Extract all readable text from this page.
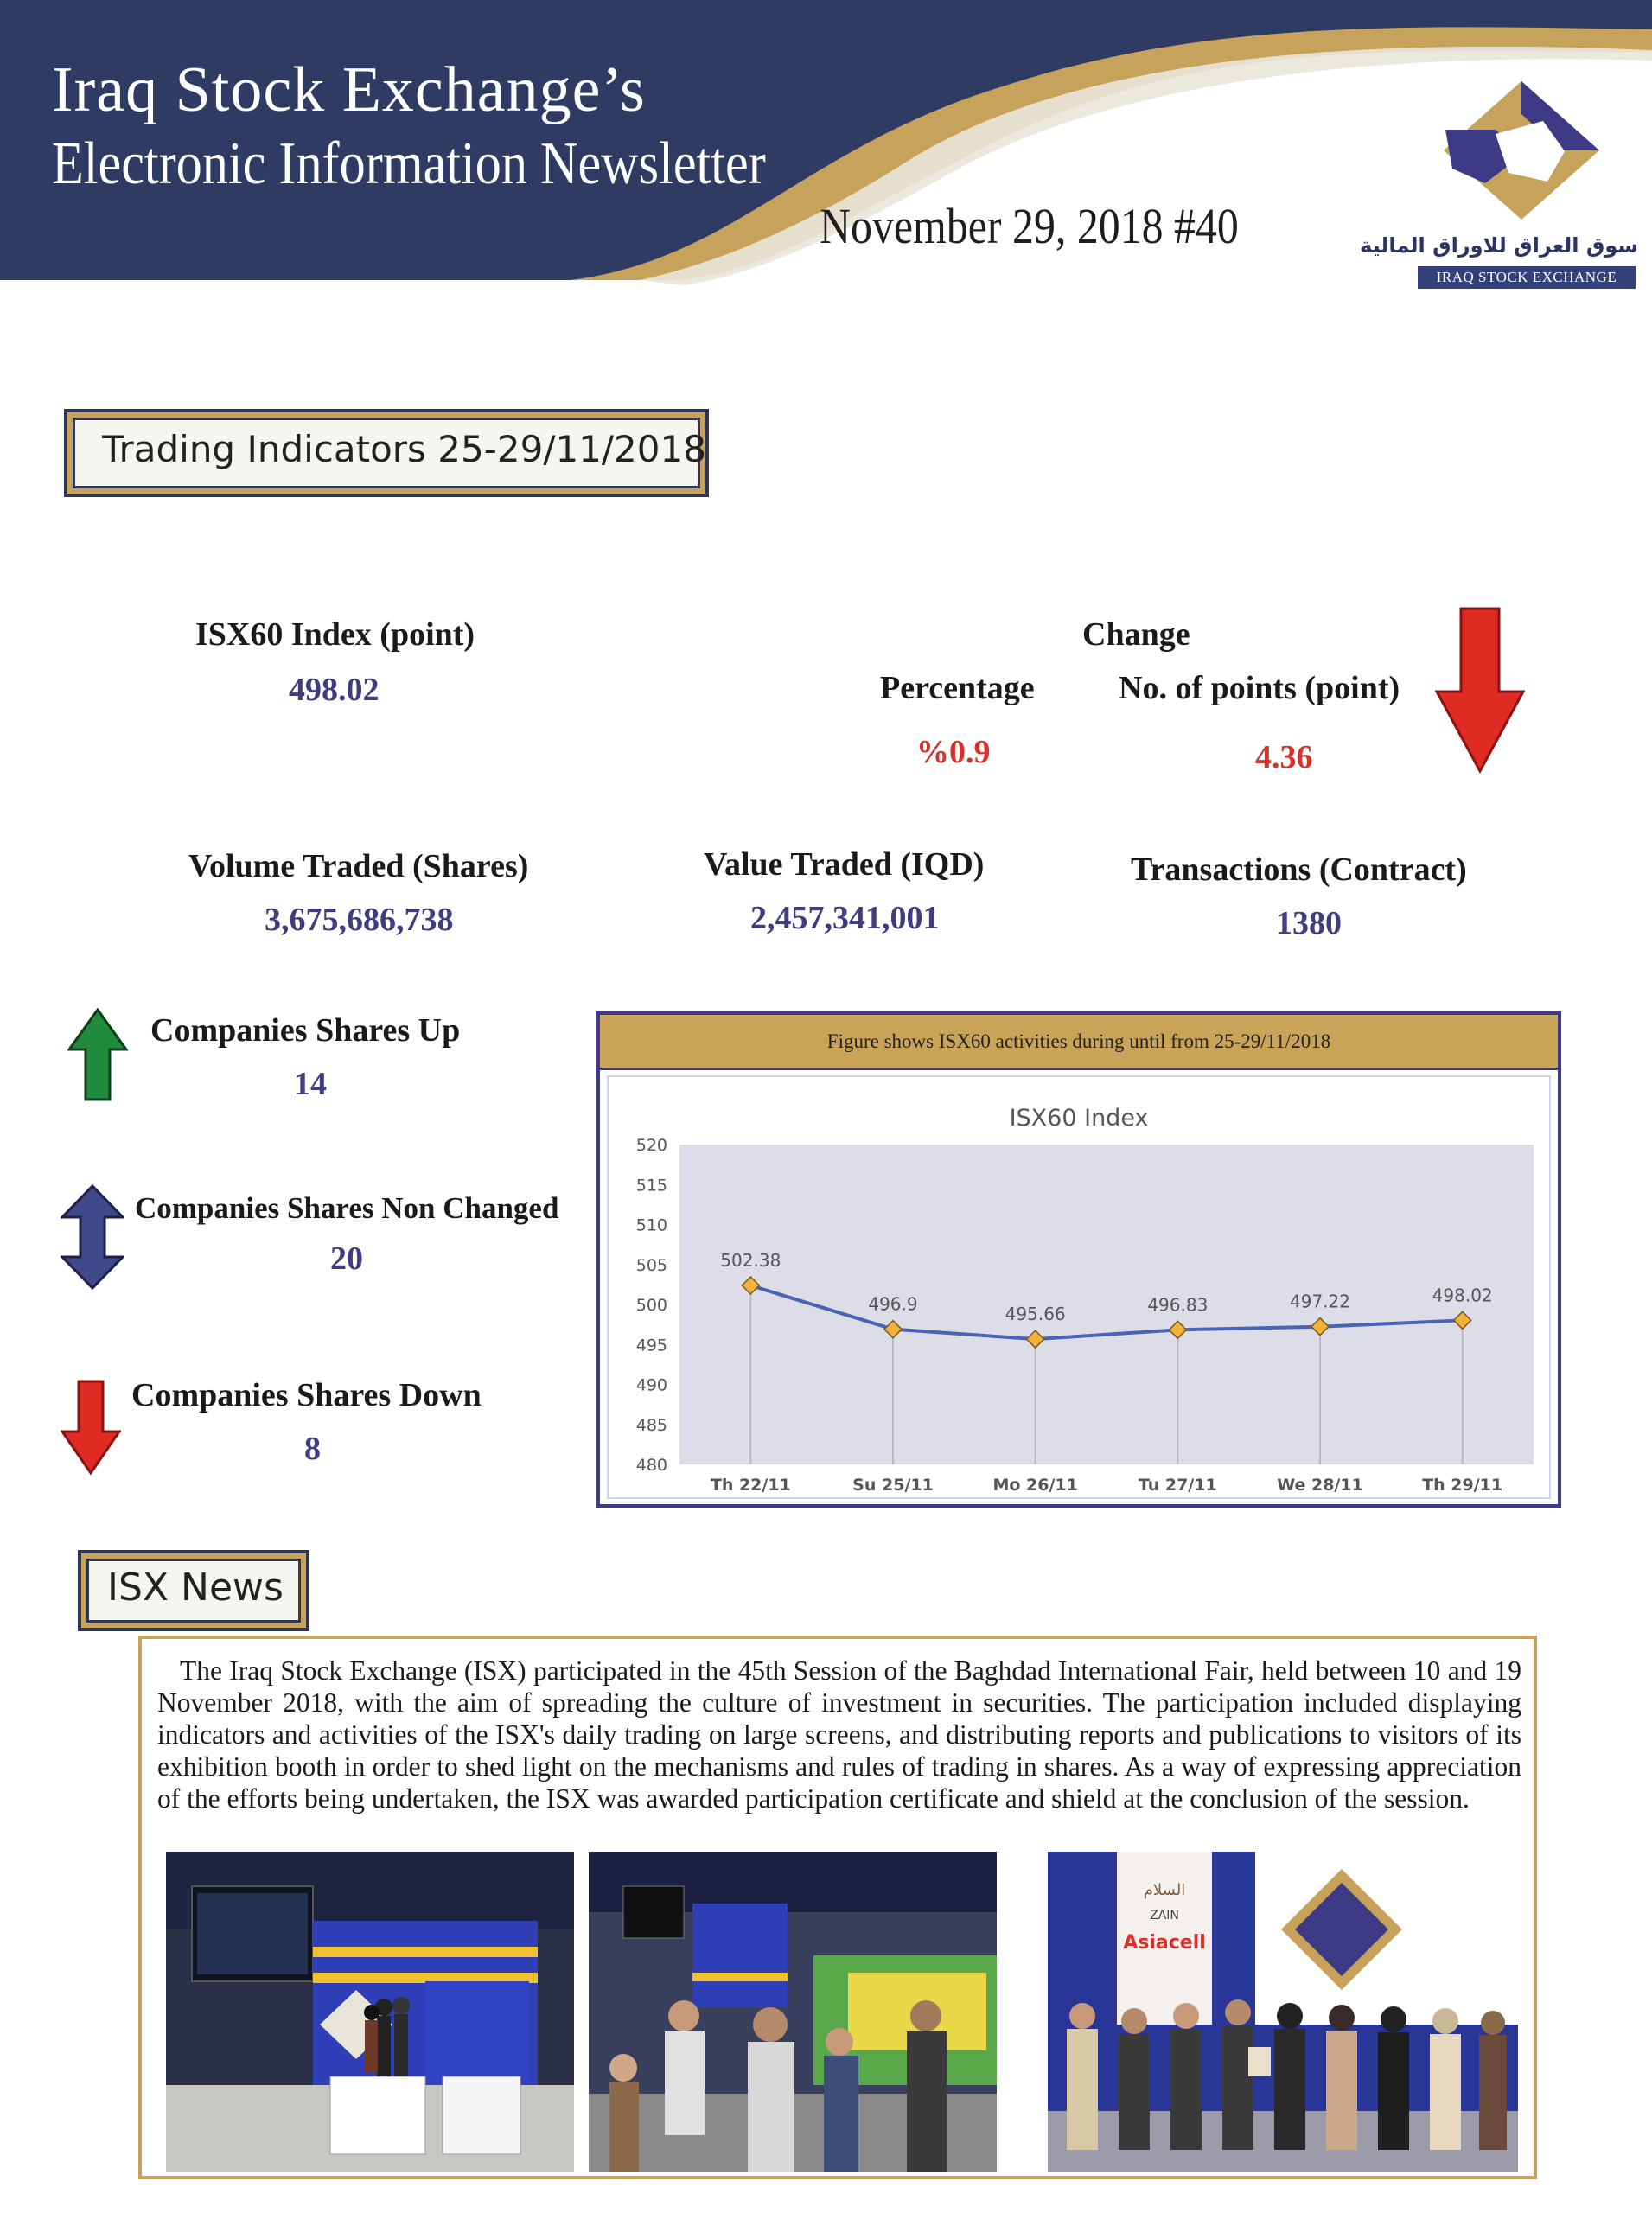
Iraq Stock Exchange’s
Electronic Information Newsletter
November 29, 2018 #40	سوق العراق للاوراق المالية
IRAQ STOCK EXCHANGE
Trading Indicators 25-29/11/2018
ISX60 Index (point)
498.02
Change
Percentage
%0.9
No. of points (point)
4.36
Volume Traded (Shares)
3,675,686,738
Value Traded (IQD)
2,457,341,001
Transactions (Contract)
1380
Companies Shares Up
14
Companies Shares Non Changed
20
Companies Shares Down
8
Figure shows ISX60 activities during until from 25-29/11/2018
ISX60 Index
480
485
490
495
500
505
510
515
520
Th 22/11	Su 25/11	Mo 26/11	Tu 27/11	We 28/11	Th 29/11
502.38
496.9	495.66	496.83	497.22	498.02
ISX News
The Iraq Stock Exchange (ISX) participated in the 45th Session of the Baghdad International Fair, held between 10 and 19 November 2018, with the aim of spreading the culture of investment in securities. The participation included displaying indicators and activities of the ISX's daily trading on large screens, and distributing reports and publications to visitors of its exhibition booth in order to shed light on the mechanisms and rules of trading in shares. As a way of expressing appreciation of the efforts being undertaken, the ISX was awarded participation certificate and shield at the conclusion of the session.
السلام
ZAIN
Asiacell
